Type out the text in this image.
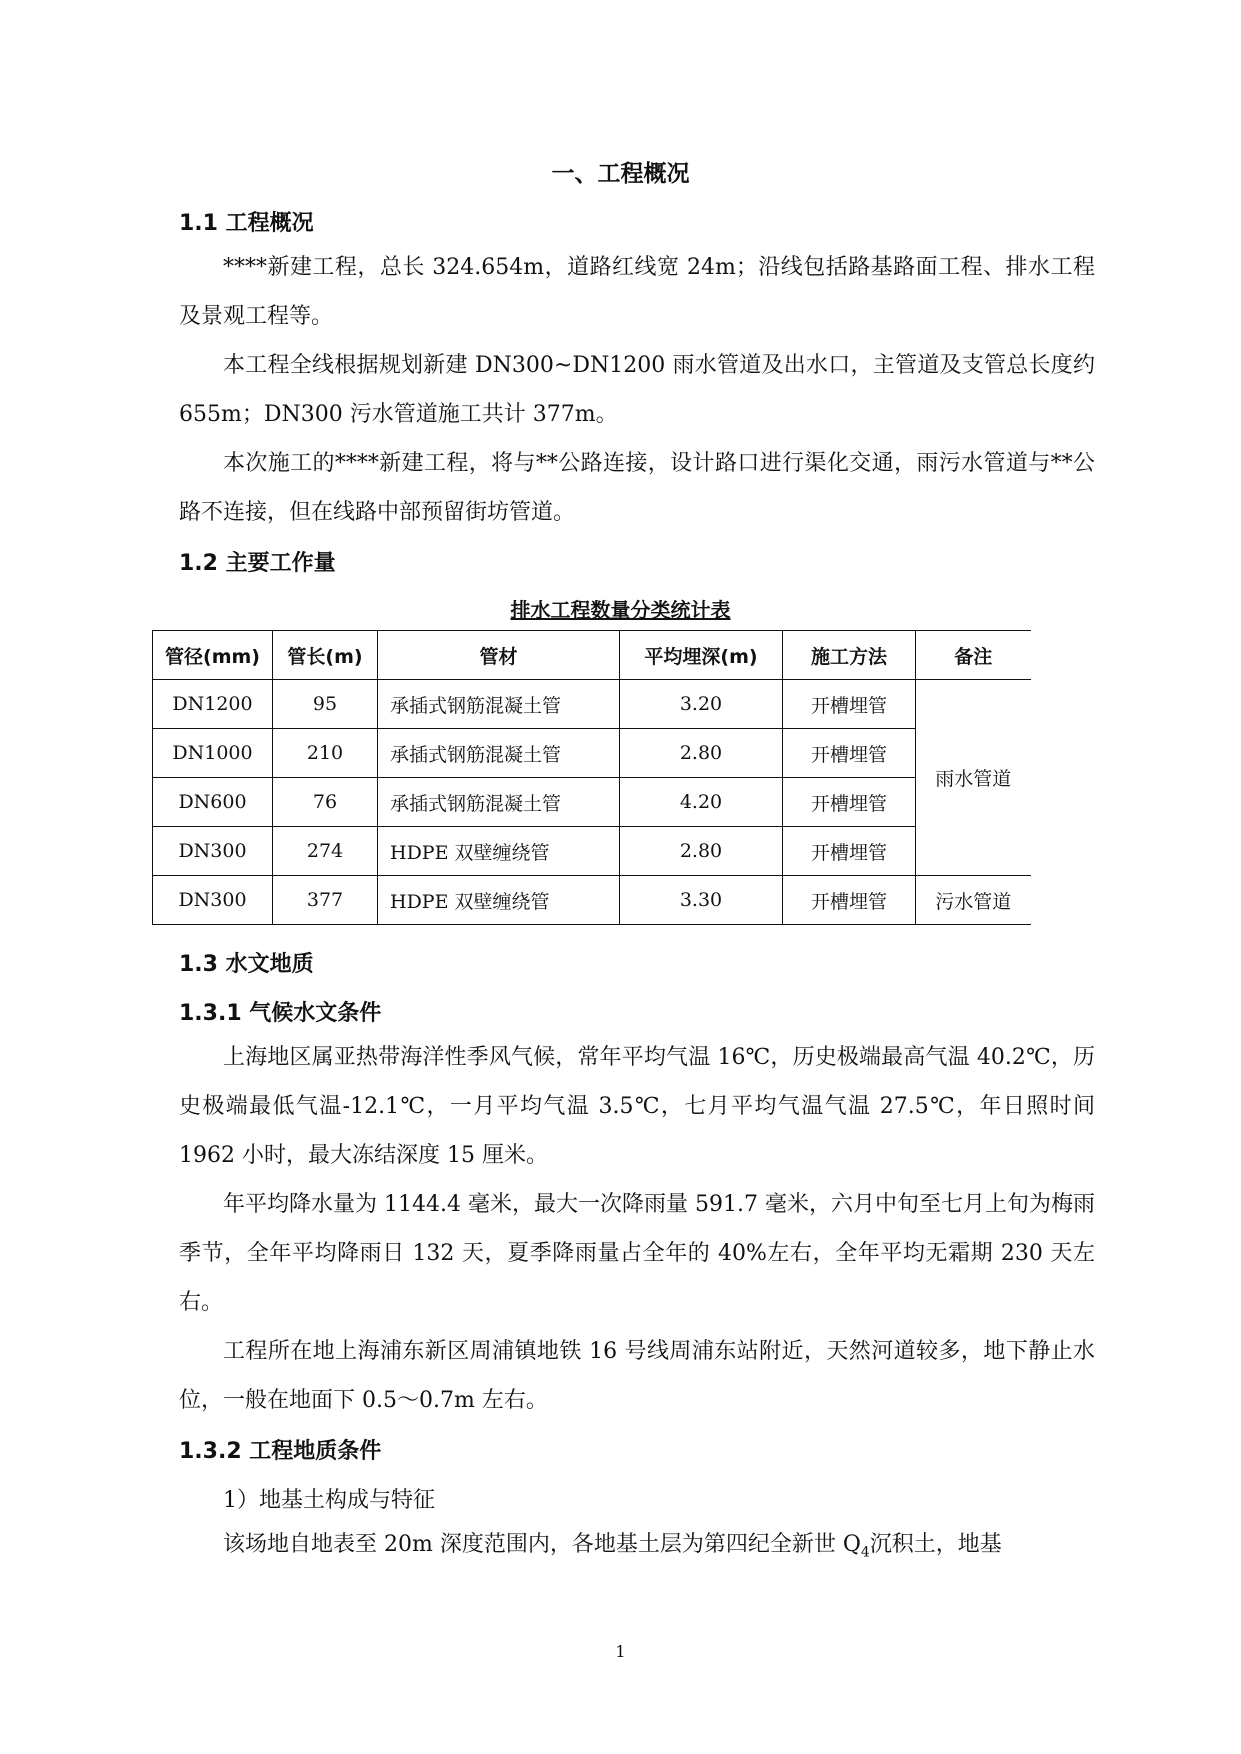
一、工程概况
1.1 工程概况

****新建工程，总长 324.654m，道路红线宽 24m；沿线包括路基路面工程、排水工程及景观工程等。

本工程全线根据规划新建 DN300~DN1200 雨水管道及出水口，主管道及支管总长度约 655m；DN300 污水管道施工共计 377m。

本次施工的****新建工程，将与**公路连接，设计路口进行渠化交通，雨污水管道与**公路不连接，但在线路中部预留街坊管道。

1.2 主要工作量
排水工程数量分类统计表
管径(mm)	管长(m)	管材	平均埋深(m)	施工方法	备注
DN1200	95	承插式钢筋混凝土管	3.20	开槽埋管	雨水管道
DN1000	210	承插式钢筋混凝土管	2.80	开槽埋管	
DN600	76	承插式钢筋混凝土管	4.20	开槽埋管	
DN300	274	HDPE 双壁缠绕管	2.80	开槽埋管	
DN300	377	HDPE 双壁缠绕管	3.30	开槽埋管	污水管道
1.3 水文地质
1.3.1 气候水文条件

上海地区属亚热带海洋性季风气候，常年平均气温 16℃，历史极端最高气温 40.2℃，历史极端最低气温-12.1℃，一月平均气温 3.5℃，七月平均气温气温 27.5℃，年日照时间 1962 小时，最大冻结深度 15 厘米。

年平均降水量为 1144.4 毫米，最大一次降雨量 591.7 毫米，六月中旬至七月上旬为梅雨季节，全年平均降雨日 132 天，夏季降雨量占全年的 40%左右，全年平均无霜期 230 天左右。

工程所在地上海浦东新区周浦镇地铁 16 号线周浦东站附近，天然河道较多，地下静止水位，一般在地面下 0.5～0.7m 左右。

1.3.2 工程地质条件
1）地基土构成与特征

该场地自地表至 20m 深度范围内，各地基土层为第四纪全新世 $Q_4$沉积土，地基

1
